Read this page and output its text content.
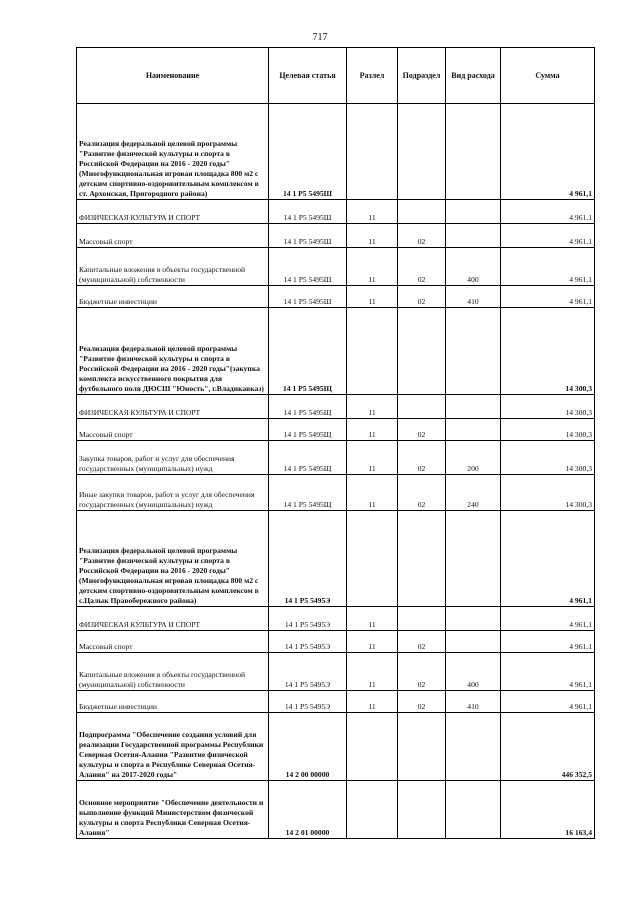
717
Наименование	Целевая статья	Разлел	Подраздел	Вид расхода	Сумма
Реализация федеральной целевой программы "Развитие физической культуры и спорта в Российской Федерации на 2016 - 2020 годы"(Многофункциональная игровая площадка 800 м2 с детским спортивно-оздоровительным комплексом в ст. Архонская, Пригородного района)	14 1 P5 5495Ш				4 961,1
ФИЗИЧЕСКАЯ КУЛЬТУРА И СПОРТ	14 1 P5 5495Ш	11			4 961,1
Массовый спорт	14 1 P5 5495Ш	11	02		4 961,1
Капитальные вложения в объекты государственной (муниципальной) собственности	14 1 P5 5495Ш	11	02	400	4 961,1
Бюджетные инвестиции	14 1 P5 5495Ш	11	02	410	4 961,1
Реализация федеральной целевой программы "Развитие физической культуры и спорта в Российской Федерации на 2016 - 2020 годы"(закупка комплекта искусственного покрытия для футбольного поля ДЮСШ "Юность", г.Владикавказ)	14 1 P5 5495Щ				14 300,3
ФИЗИЧЕСКАЯ КУЛЬТУРА И СПОРТ	14 1 P5 5495Щ	11			14 300,3
Массовый спорт	14 1 P5 5495Щ	11	02		14 300,3
Закупка товаров, работ и услуг для обеспечения государственных (муниципальных) нужд	14 1 P5 5495Щ	11	02	200	14 300,3
Иные закупки товаров, работ и услуг для обеспечения государственных (муниципальных) нужд	14 1 P5 5495Щ	11	02	240	14 300,3
Реализация федеральной целевой программы "Развитие физической культуры и спорта в Российской Федерации на 2016 - 2020 годы"(Многофункциональная игровая площадка 800 м2 с детским спортивно-оздоровительным комплексом в с.Цалык Правобережного района)	14 1 P5 5495Э				4 961,1
ФИЗИЧЕСКАЯ КУЛЬТУРА И СПОРТ	14 1 P5 5495Э	11			4 961,1
Массовый спорт	14 1 P5 5495Э	11	02		4 961,1
Капитальные вложения в объекты государственной (муниципальной) собственности	14 1 P5 5495Э	11	02	400	4 961,1
Бюджетные инвестиции	14 1 P5 5495Э	11	02	410	4 961,1
Подпрограмма "Обеспечение создания условий для реализации Государственной программы Республики Северная Осетия-Алания "Развитие физической культуры и спорта в Республике Северная Осетия-Алания" на 2017-2020 годы"	14 2 00 00000				446 352,5
Основное мероприятие "Обеспечение деятельности и выполнение функций Министерством физической культуры и спорта Республики Северная Осетия-Алания"	14 2 01 00000				16 163,4
